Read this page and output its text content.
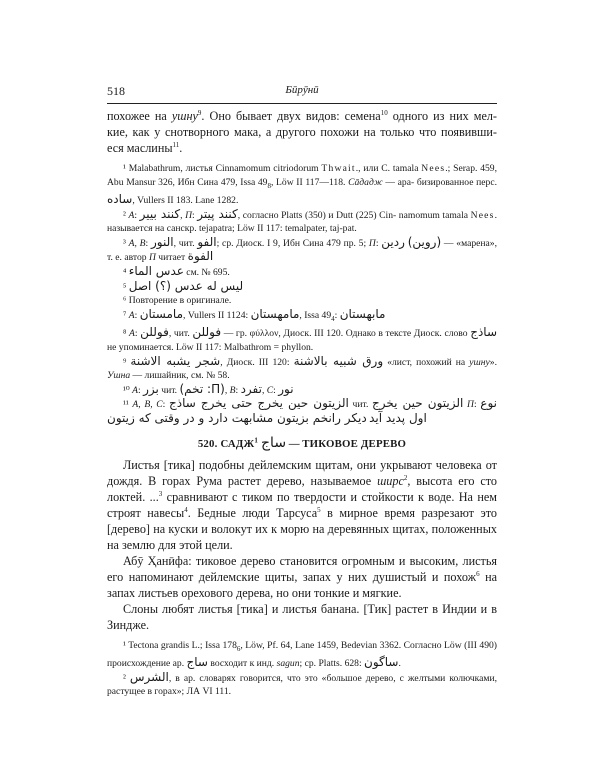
518	Бӣрӯнӣ

похожее на ушну$^9$. Оно бывает двух видов: семена$^{10}$ одного из них мел- кие, как у снотворного мака, а другого похожи на только что появивши- еся маслины$^{11}$.

¹ Malabathrum, листья Cinnamomum citriodorum Thwait., или C. tamala Nees.; Serap. 459, Abu Mansur 326, Ибн Сина 479, Issa $49_8$, Löw II 117—118. Сāдадж — ара- бизированное перс. ساده, Vullers II 183. Lane 1282.

² A: كنند بيير, П: كنند پيتر, согласно Platts (350) и Dutt (225) Cin- namomum tamala Nees. называется на санскр. tejapatra; Löw II 117: temalpater, taj-pat.

³ A, B: النور, чит. الفو; ср. Диоск. I 9, Ибн Сина 479 пр. 5; П: ردين (روين) — «марена», т. е. автор П читает الفوة

⁴ عدس الماء см. № 695.

⁵ ليس له عدس (؟) اصل

⁶ Повторение в оригинале.

⁷ A: مامستان, Vullers II 1124: مامهستان, Issa $49_4$: مابهستان

⁸ A: فوللن, чит. فوللن — гр. φύλλον, Диоск. III 120. Однако в тексте Диоск. слово ساذج не упоминается. Löw II 117: Malbathrom = phyllon.

⁹ شجر يشبه الاشنة, Диоск. III 120: ورق شبيه بالاشنة «лист, похожий на ушну». Ушна — лишайник, см. № 58.

¹⁰ A: بزر чит. (П: تخم), B: تفرد, C: نور

¹¹ A, B, C: الزيتون حين يخرج حتى يخرج ساذج чит. الزيتون حين يخرج П: نوع ديكر رانخم بزيتون مشابهت دارد و در وقتى كه زيتون اول پديد آيد

520. САДЖ$^1$ ساج — ТИКОВОЕ ДЕРЕВО

Листья [тика] подобны дейлемским щитам, они укрывают человека от дождя. В горах Рума растет дерево, называемое ширс$^2$, высота его сто локтей. ...$^3$ сравнивают с тиком по твердости и стойкости к воде. На нем строят навесы$^4$. Бедные люди Тарсуса$^5$ в мирное время разрезают это [дерево] на куски и волокут их к морю на деревянных щитах, положенных на землю для этой цели.

Абӯ Ҳанӣфа: тиковое дерево становится огромным и высоким, листья его напоминают дейлемские щиты, запах у них душистый и похож$^6$ на запах листьев орехового дерева, но они тонкие и мягкие.

Слоны любят листья [тика] и листья банана. [Тик] растет в Индии и в Зиндже.

¹ Tectona grandis L.; Issa $178_6$, Löw, Pf. 64, Lane 1459, Bedevian 3362. Согласно Löw (III 490) происхождение ар. ساج восходит к инд. sagun; ср. Platts. 628: ساگون.

² الشرس, в ар. словарях говорится, что это «большое дерево, с желтыми колючками, растущее в горах»; ЛА VI 111.
